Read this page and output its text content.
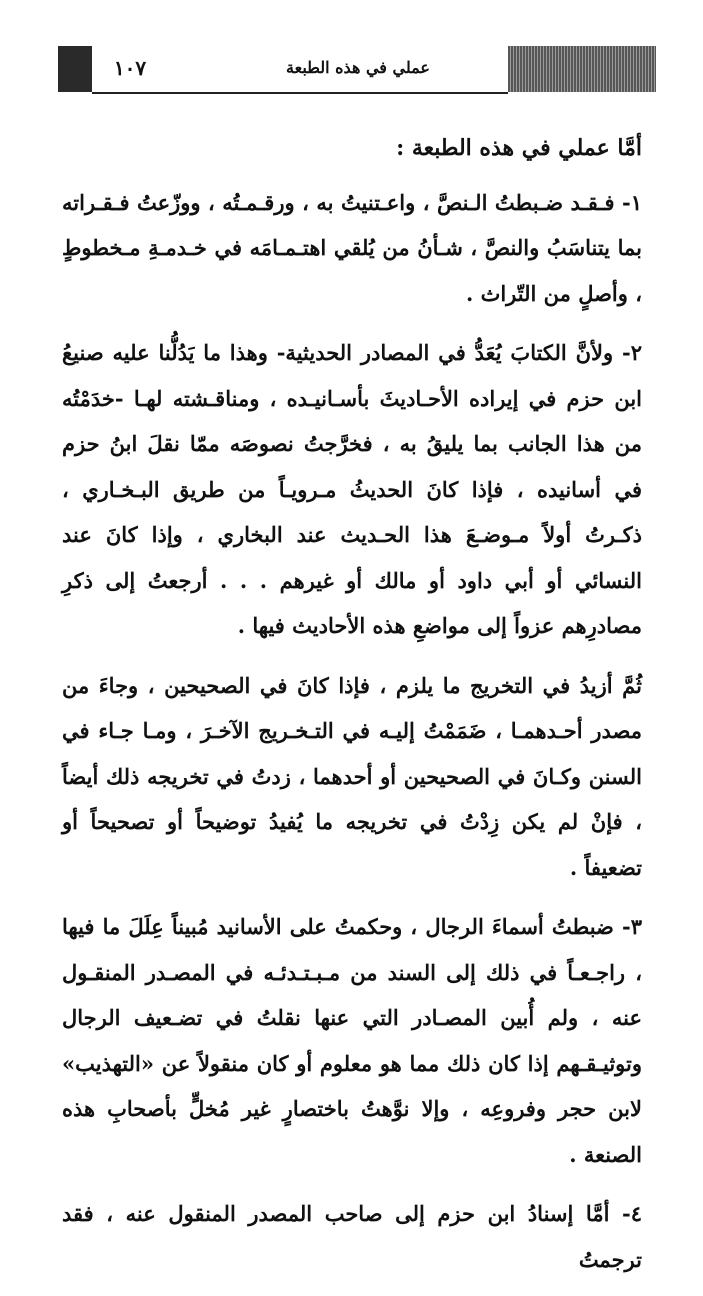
١٠٧	عملي في هذه الطبعة

أمَّا عملي في هذه الطبعة :

١- فـقـد ضـبطتُ الـنصَّ ، واعـتنيتُ به ، ورقـمـتُه ، ووزّعتُ فـقـراته بما يتناسَبُ والنصَّ ، شـأنُ من يُلقي اهتـمـامَه في خـدمـةِ مـخطوطٍ ، وأصلٍ من التّراث .

٢- ولأنَّ الكتابَ يُعَدُّ في المصادر الحديثية- وهذا ما يَدُلُّنا عليه صنيعُ ابن حزم في إيراده الأحـاديثَ بأسـانيـده ، ومناقـشته لهـا -خدَمْتُه من هذا الجانب بما يليقُ به ، فخرَّجتُ نصوصَه ممّا نقلَ ابنُ حزم في أسانيده ، فإذا كانَ الحديثُ مـرويـاً من طريق البـخـاري ، ذكـرتُ أولاً مـوضـعَ هذا الحـديث عند البخاري ، وإذا كانَ عند النسائي أو أبي داود أو مالك أو غيرهم . . . أرجعتُ إلى ذكرِ مصادرِهم عزواً إلى مواضعِ هذه الأحاديث فيها .

ثُمَّ أزيدُ في التخريج ما يلزم ، فإذا كانَ في الصحيحين ، وجاءَ من مصدر أحـدهمـا ، ضَمَمْتُ إليـه في التـخـريج الآخـرَ ، ومـا جـاء في السنن وكـانَ في الصحيحين أو أحدهما ، زدتُ في تخريجه ذلك أيضاً ، فإنْ لم يكن زِدْتُ في تخريجه ما يُفيدُ توضيحاً أو تصحيحاً أو تضعيفاً .

٣- ضبطتُ أسماءَ الرجال ، وحكمتُ على الأسانيد مُبيناً عِلَلَ ما فيها ، راجـعـاً في ذلك إلى السند من مـبـتـدئـه في المصـدر المنقـول عنه ، ولم أُبين المصـادر التي عنها نقلتُ في تضـعيف الرجال وتوثيـقـهم إذا كان ذلك مما هو معلوم أو كان منقولاً عن «التهذيب» لابن حجر وفروعِه ، وإلا نوَّهتُ باختصارٍ غير مُخلٍّ بأصحابِ هذه الصنعة .

٤- أمَّا إسنادُ ابن حزم إلى صاحب المصدر المنقول عنه ، فقد ترجمتُ
